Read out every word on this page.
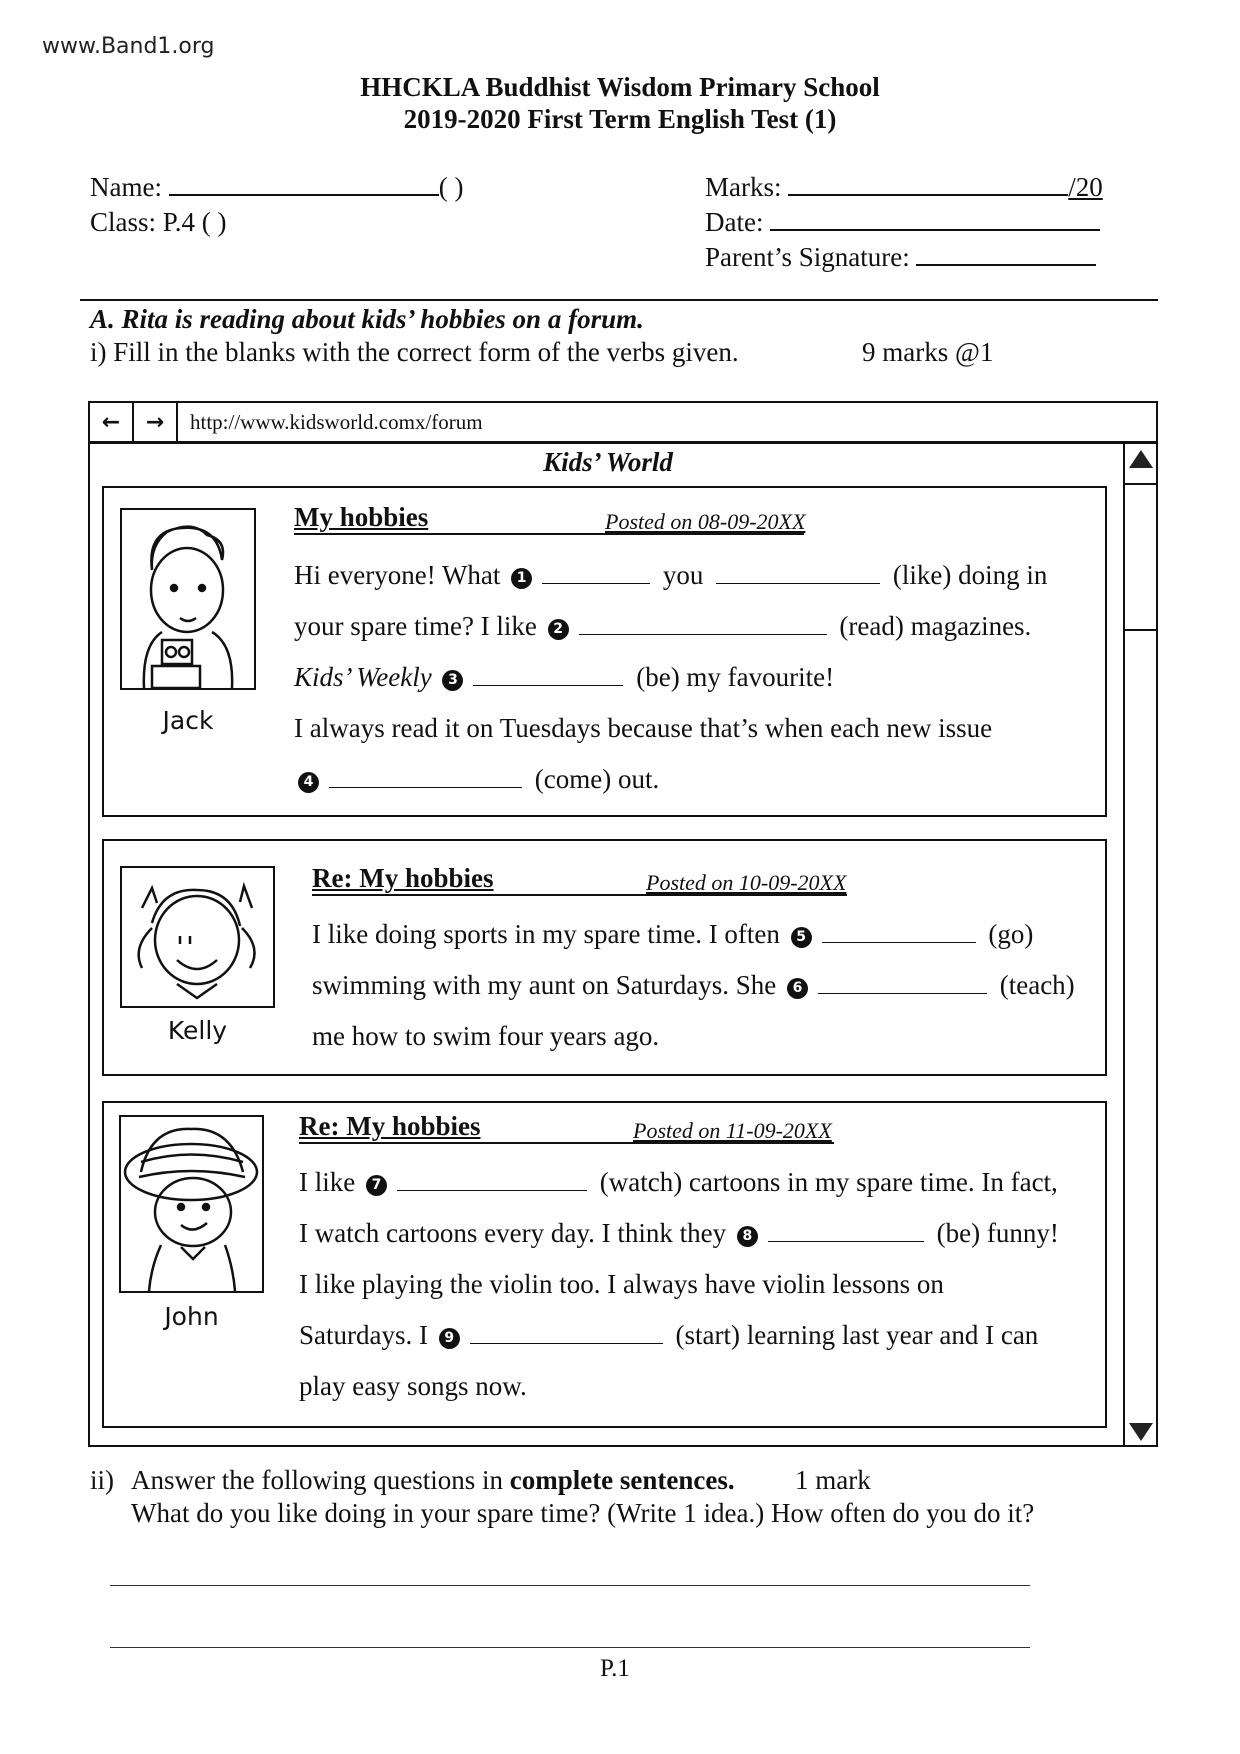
www.Band1.org
HHCKLA Buddhist Wisdom Primary School
2019-2020 First Term English Test (1)
Name:	( )
Class: P.4 ( )
Marks:	/20
Date:
Parent’s Signature:
A. Rita is reading about kids’ hobbies on a forum.
i) Fill in the blanks with the correct form of the verbs given.	9 marks @1
←	→	http://www.kidsworld.comx/forum
Kids’ World
Jack
My hobbies	Posted on 08-09-20XX
Hi everyone! What 1	you	(like) doing in
your spare time? I like 2	(read) magazines.
Kids’ Weekly 3	(be) my favourite!
I always read it on Tuesdays because that’s when each new issue
4	(come) out.
Kelly
Re: My hobbies	Posted on 10-09-20XX
I like doing sports in my spare time. I often 5	(go)
swimming with my aunt on Saturdays. She 6	(teach)
me how to swim four years ago.
John
Re: My hobbies	Posted on 11-09-20XX
I like 7	(watch) cartoons in my spare time. In fact,
I watch cartoons every day. I think they 8	(be) funny!
I like playing the violin too. I always have violin lessons on
Saturdays. I 9	(start) learning last year and I can
play easy songs now.
ii) Answer the following questions in complete sentences. 1 mark
What do you like doing in your spare time? (Write 1 idea.) How often do you do it?
P.1
